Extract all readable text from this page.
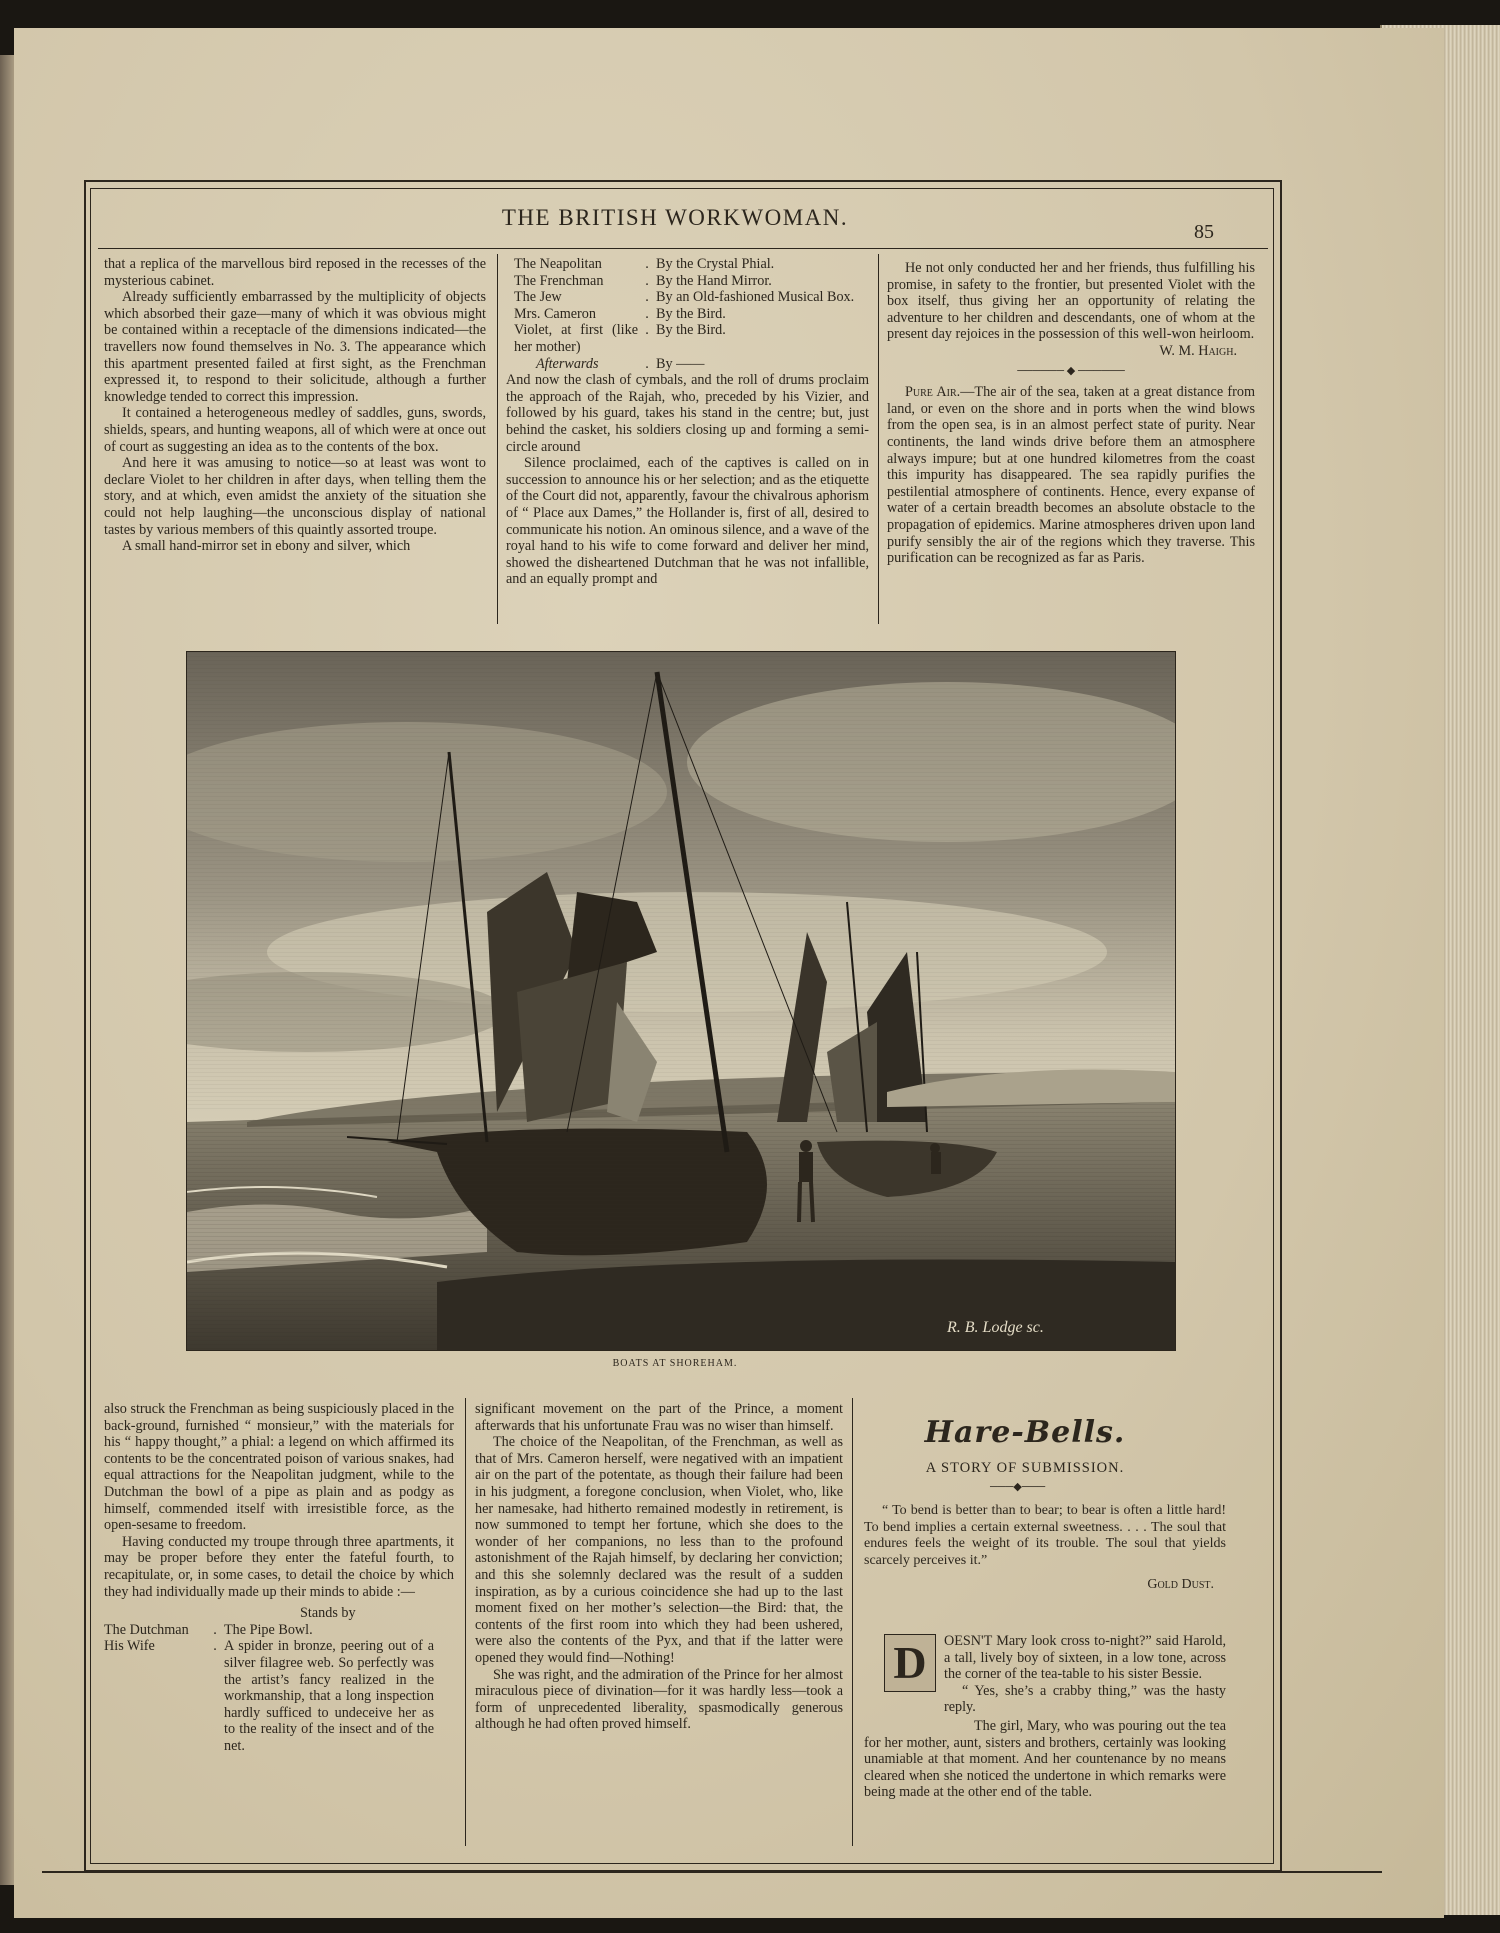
THE BRITISH WORKWOMAN.
85

that a replica of the marvellous bird reposed in the recesses of the mysterious cabinet.

Already sufficiently embarrassed by the multiplicity of objects which absorbed their gaze—many of which it was obvious might be contained within a receptacle of the dimensions indicated—the travellers now found themselves in No. 3. The appearance which this apartment presented failed at first sight, as the Frenchman expressed it, to respond to their solicitude, although a further knowledge tended to correct this impression.

It contained a heterogeneous medley of saddles, guns, swords, shields, spears, and hunting weapons, all of which were at once out of court as suggesting an idea as to the contents of the box.

And here it was amusing to notice—so at least was wont to declare Violet to her children in after days, when telling them the story, and at which, even amidst the anxiety of the situation she could not help laughing—the unconscious display of national tastes by various members of this quaintly assorted troupe.

A small hand-mirror set in ebony and silver, which

The Neapolitan	.	By the Crystal Phial.
The Frenchman	.	By the Hand Mirror.
The Jew	.	By an Old-fashioned Musical Box.
Mrs. Cameron	.	By the Bird.
Violet, at first (like her mother)	.	By the Bird.
Afterwards	.	By ——

And now the clash of cymbals, and the roll of drums proclaim the approach of the Rajah, who, preceded by his Vizier, and followed by his guard, takes his stand in the centre; but, just behind the casket, his soldiers closing up and forming a semi-circle around

Silence proclaimed, each of the captives is called on in succession to announce his or her selection; and as the etiquette of the Court did not, apparently, favour the chivalrous aphorism of “ Place aux Dames,” the Hollander is, first of all, desired to communicate his notion. An ominous silence, and a wave of the royal hand to his wife to come forward and deliver her mind, showed the disheartened Dutchman that he was not infallible, and an equally prompt and

He not only conducted her and her friends, thus fulfilling his promise, in safety to the frontier, but presented Violet with the box itself, thus giving her an opportunity of relating the adventure to her children and descendants, one of whom at the present day rejoices in the possession of this well-won heirloom.

W. M. Haigh.
────── ◆ ──────

Pure Air.—The air of the sea, taken at a great distance from land, or even on the shore and in ports when the wind blows from the open sea, is in an almost perfect state of purity. Near continents, the land winds drive before them an atmosphere always impure; but at one hundred kilometres from the coast this impurity has disappeared. The sea rapidly purifies the pestilential atmosphere of continents. Hence, every expanse of water of a certain breadth becomes an absolute obstacle to the propagation of epidemics. Marine atmospheres driven upon land purify sensibly the air of the regions which they traverse. This purification can be recognized as far as Paris.

R. B. Lodge sc.
BOATS AT SHOREHAM.

also struck the Frenchman as being suspiciously placed in the back-ground, furnished “ monsieur,” with the materials for his “ happy thought,” a phial: a legend on which affirmed its contents to be the concentrated poison of various snakes, had equal attractions for the Neapolitan judgment, while to the Dutchman the bowl of a pipe as plain and as podgy as himself, commended itself with irresistible force, as the open-sesame to freedom.

Having conducted my troupe through three apartments, it may be proper before they enter the fateful fourth, to recapitulate, or, in some cases, to detail the choice by which they had individually made up their minds to abide :—

Stands by
The Dutchman	.	The Pipe Bowl.
His Wife	.	A spider in bronze, peering out of a silver filagree web. So perfectly was the artist’s fancy realized in the workmanship, that a long inspection hardly sufficed to undeceive her as to the reality of the insect and of the net.

significant movement on the part of the Prince, a moment afterwards that his unfortunate Frau was no wiser than himself.

The choice of the Neapolitan, of the Frenchman, as well as that of Mrs. Cameron herself, were negatived with an impatient air on the part of the potentate, as though their failure had been in his judgment, a foregone conclusion, when Violet, who, like her namesake, had hitherto remained modestly in retirement, is now summoned to tempt her fortune, which she does to the wonder of her companions, no less than to the profound astonishment of the Rajah himself, by declaring her conviction; and this she solemnly declared was the result of a sudden inspiration, as by a curious coincidence she had up to the last moment fixed on her mother’s selection—the Bird: that, the contents of the first room into which they had been ushered, were also the contents of the Pyx, and that if the latter were opened they would find—Nothing!

She was right, and the admiration of the Prince for her almost miraculous piece of divination—for it was hardly less—took a form of unprecedented liberality, spasmodically generous although he had often proved himself.

Hare-Bells.
A STORY OF SUBMISSION.
───◆───

“ To bend is better than to bear; to bear is often a little hard! To bend implies a certain external sweetness. . . . The soul that endures feels the weight of its trouble. The soul that yields scarcely perceives it.”

Gold Dust.
D	OESN'T Mary look cross to-night?” said Harold, a tall, lively boy of sixteen, in a low tone, across the corner of the tea-table to his sister Bessie.

“ Yes, she’s a crabby thing,” was the hasty reply.

The girl, Mary, who was pouring out the tea for her mother, aunt, sisters and brothers, certainly was looking unamiable at that moment. And her countenance by no means cleared when she noticed the undertone in which remarks were being made at the other end of the table.
